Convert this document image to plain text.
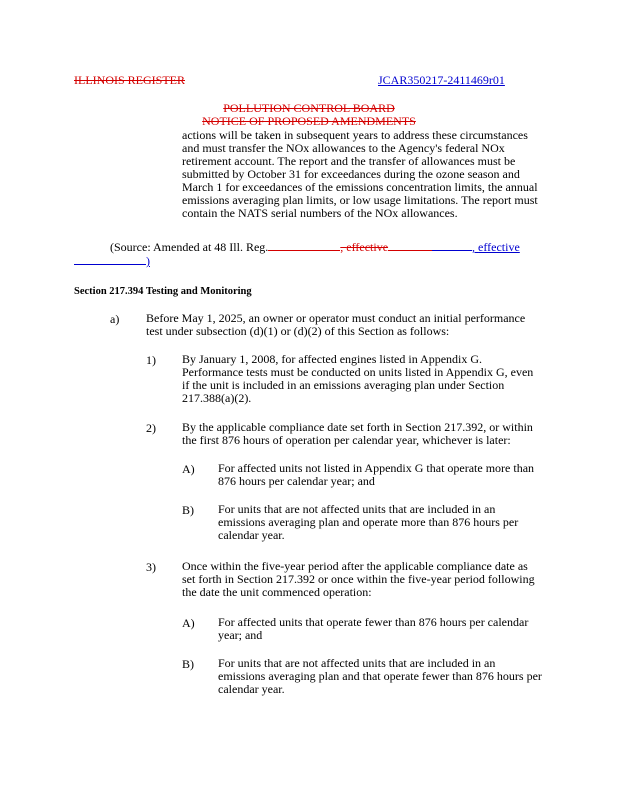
ILLINOIS REGISTER	JCAR350217-2411469r01
POLLUTION CONTROL BOARD
NOTICE OF PROPOSED AMENDMENTS

actions will be taken in subsequent years to address these circumstances

and must transfer the NOx allowances to the Agency's federal NOx

retirement account. The report and the transfer of allowances must be

submitted by October 31 for exceedances during the ozone season and

March 1 for exceedances of the emissions concentration limits, the annual

emissions averaging plan limits, or low usage limitations. The report must

contain the NATS serial numbers of the NOx allowances.

(Source: Amended at 48 Ill. Reg.	, effective	, effective
)
Section 217.394 Testing and Monitoring
a) Before May 1, 2025, an owner or operator must conduct an initial performance

test under subsection (d)(1) or (d)(2) of this Section as follows:

1) By January 1, 2008, for affected engines listed in Appendix G.

Performance tests must be conducted on units listed in Appendix G, even

if the unit is included in an emissions averaging plan under Section

217.388(a)(2).

2) By the applicable compliance date set forth in Section 217.392, or within

the first 876 hours of operation per calendar year, whichever is later:

A) For affected units not listed in Appendix G that operate more than

876 hours per calendar year; and

B) For units that are not affected units that are included in an

emissions averaging plan and operate more than 876 hours per

calendar year.

3) Once within the five-year period after the applicable compliance date as

set forth in Section 217.392 or once within the five-year period following

the date the unit commenced operation:

A) For affected units that operate fewer than 876 hours per calendar

year; and

B) For units that are not affected units that are included in an

emissions averaging plan and that operate fewer than 876 hours per

calendar year.
